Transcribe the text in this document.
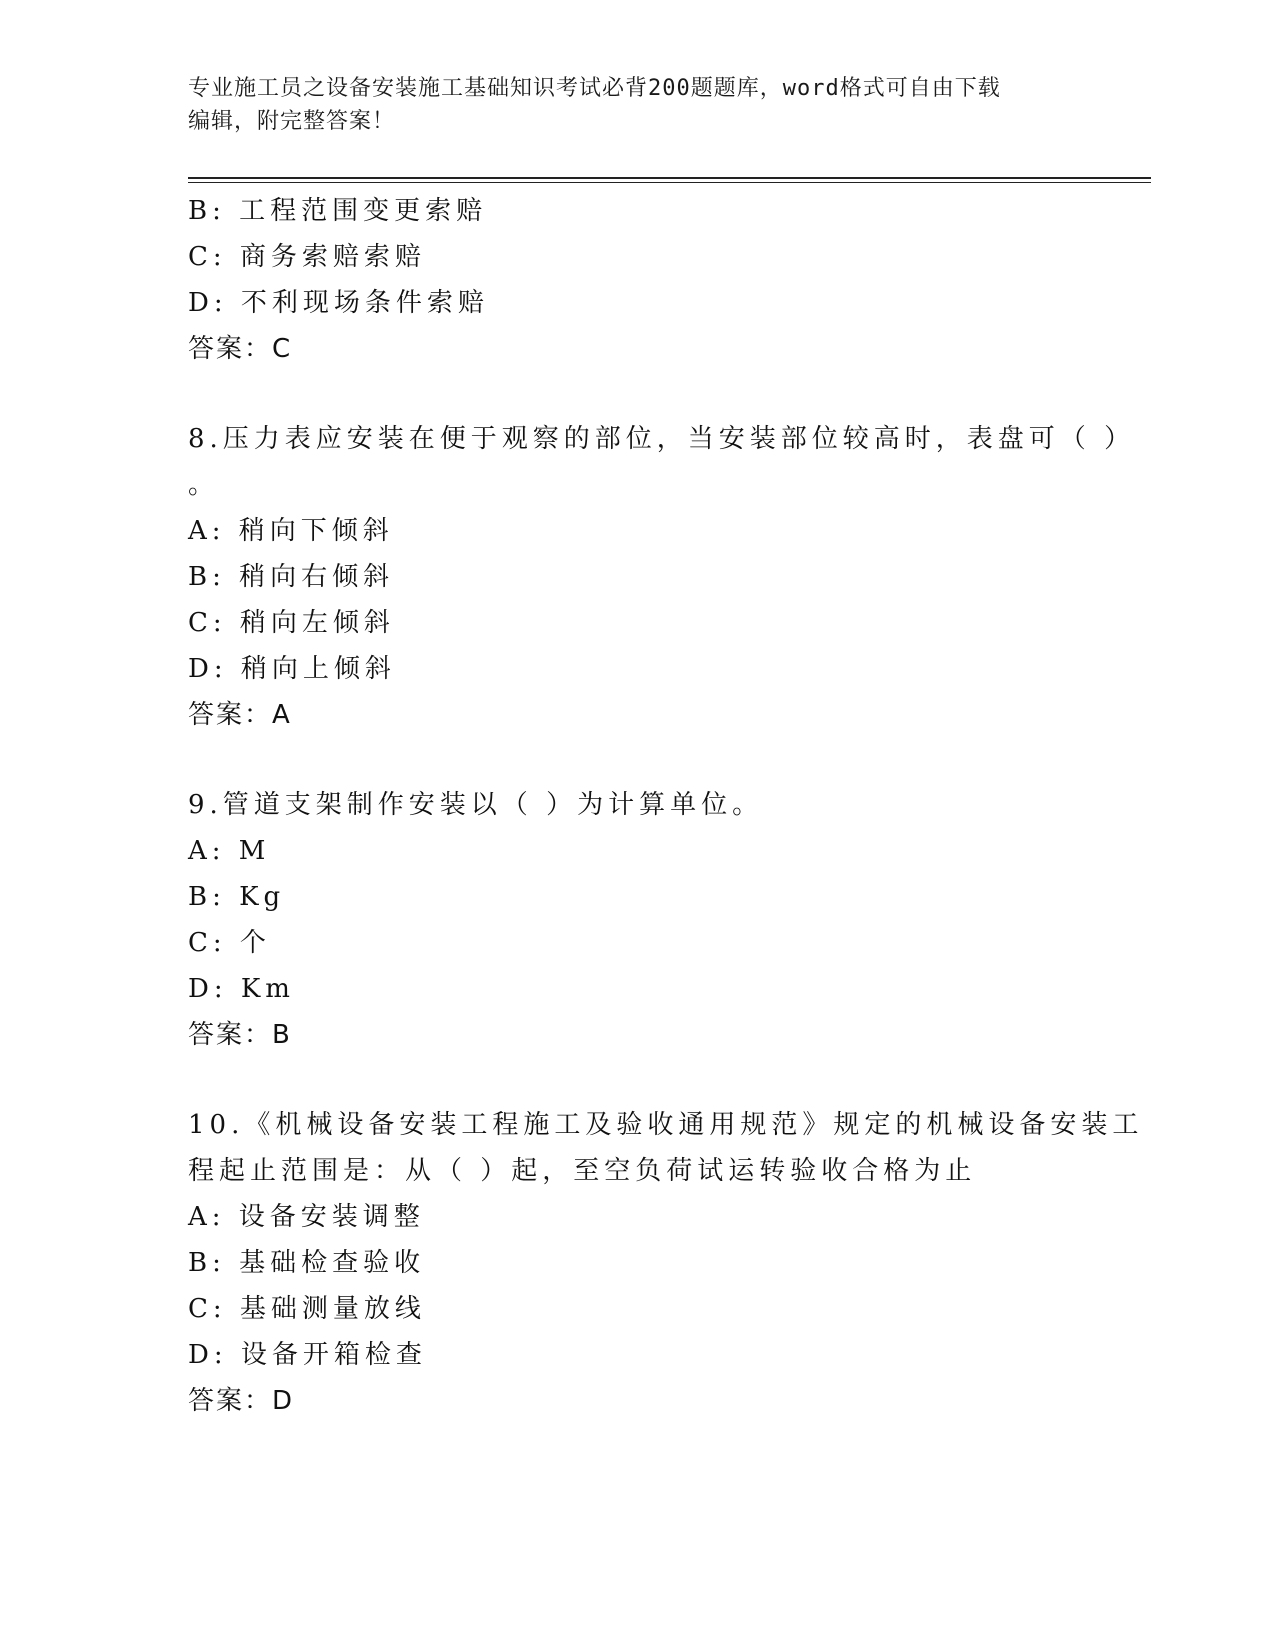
专业施工员之设备安装施工基础知识考试必背200题题库，word格式可自由下载
编辑，附完整答案！
B: 工程范围变更索赔
C: 商务索赔索赔
D: 不利现场条件索赔
答案：C
8.压力表应安装在便于观察的部位，当安装部位较高时，表盘可（ ）
。
A: 稍向下倾斜
B: 稍向右倾斜
C: 稍向左倾斜
D: 稍向上倾斜
答案：A
9.管道支架制作安装以（ ）为计算单位。
A: M
B: Kg
C: 个
D: Km
答案：B
10.《机械设备安装工程施工及验收通用规范》规定的机械设备安装工
程起止范围是：从（ ）起，至空负荷试运转验收合格为止
A: 设备安装调整
B: 基础检查验收
C: 基础测量放线
D: 设备开箱检查
答案：D
